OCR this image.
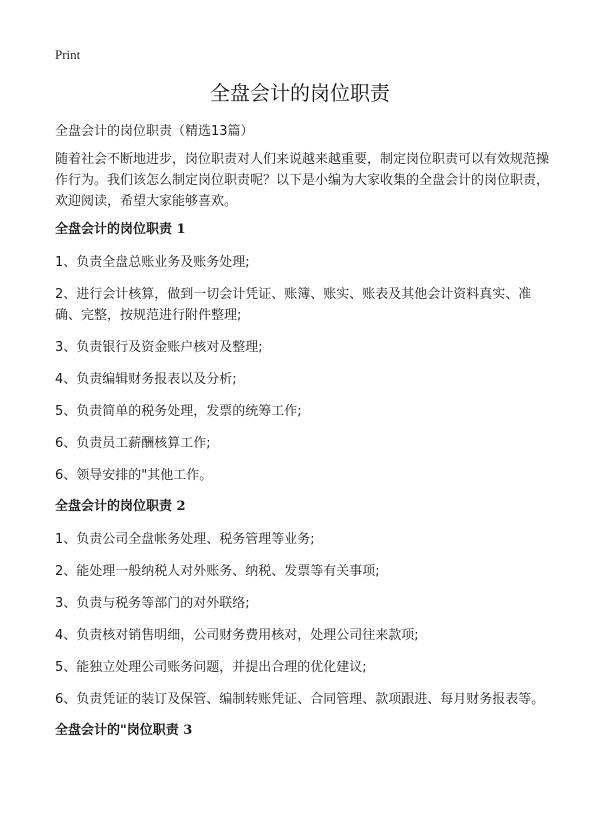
Print
全盘会计的岗位职责

全盘会计的岗位职责（精选13篇）

随着社会不断地进步，岗位职责对人们来说越来越重要，制定岗位职责可以有效规范操作行为。我们该怎么制定岗位职责呢？以下是小编为大家收集的全盘会计的岗位职责，欢迎阅读，希望大家能够喜欢。

全盘会计的岗位职责 1

1、负责全盘总账业务及账务处理;

2、进行会计核算，做到一切会计凭证、账簿、账实、账表及其他会计资料真实、准确、完整，按规范进行附件整理;

3、负责银行及资金账户核对及整理;

4、负责编辑财务报表以及分析;

5、负责简单的税务处理，发票的统筹工作;

6、负责员工薪酬核算工作;

6、领导安排的"其他工作。

全盘会计的岗位职责 2

1、负责公司全盘帐务处理、税务管理等业务;

2、能处理一般纳税人对外账务、纳税、发票等有关事项;

3、负责与税务等部门的对外联络;

4、负责核对销售明细，公司财务费用核对，处理公司往来款项;

5、能独立处理公司账务问题，并提出合理的优化建议;

6、负责凭证的装订及保管、编制转账凭证、合同管理、款项跟进、每月财务报表等。

全盘会计的"岗位职责 3
